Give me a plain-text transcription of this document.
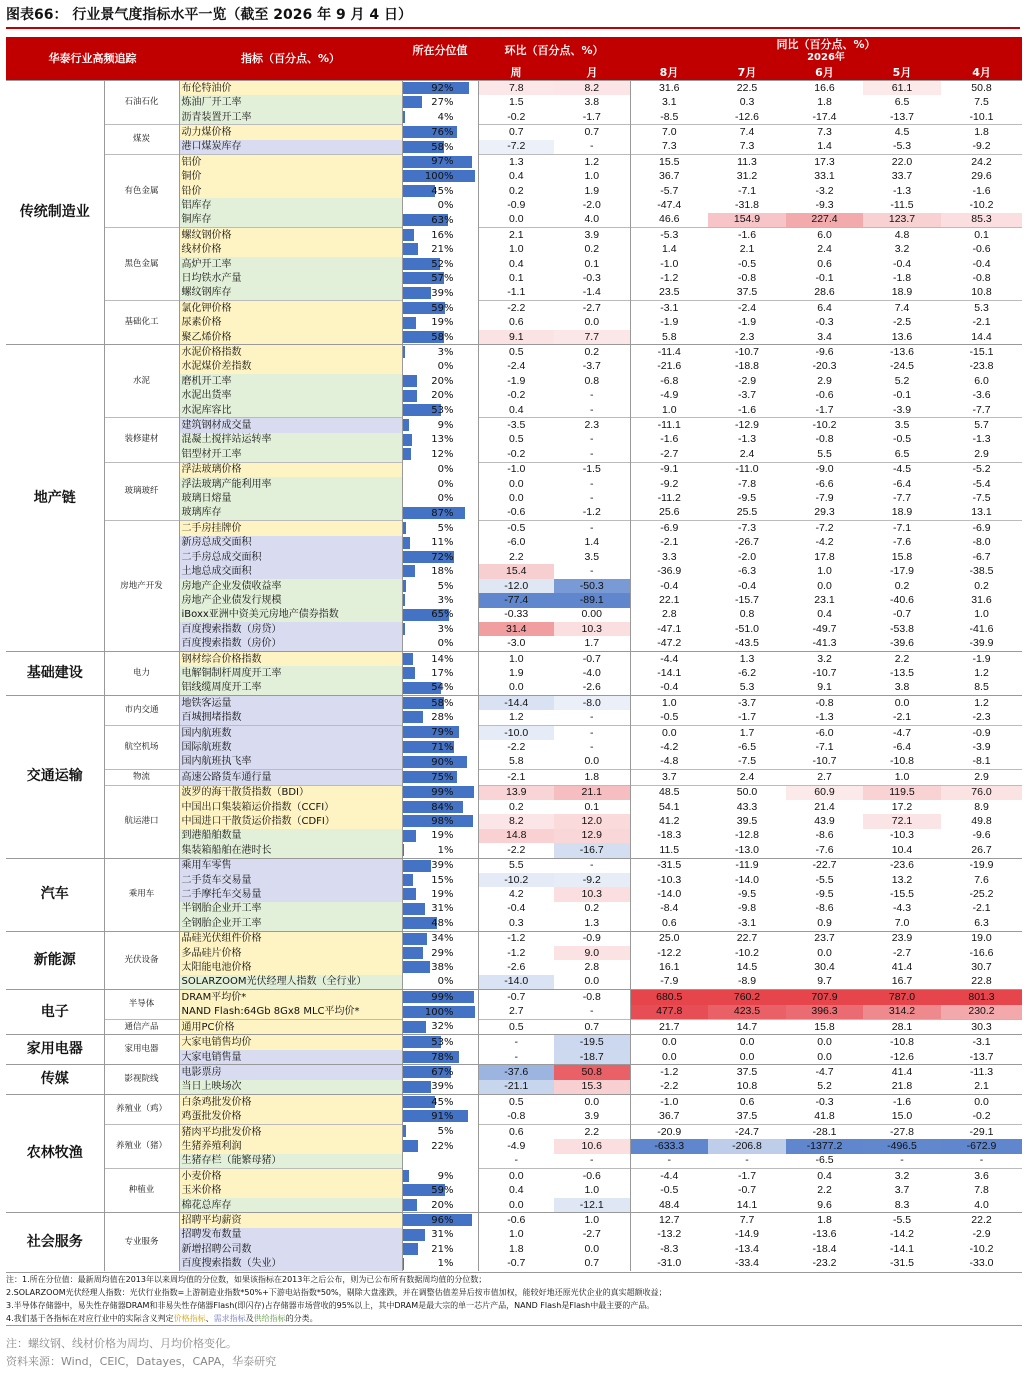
图表66： 行业景气度指标水平一览（截至 2026 年 9 月 4 日）
华泰行业高频追踪		指标（百分点、%）	所在分位值	环比（百分点、%）		同比（百分点、%）
2026年				

				周	月	8月	7月	6月	5月	4月
传统制造业	石油石化	布伦特油价	92%	7.8	8.2	31.6	22.5	16.6	61.1	50.8
		炼油厂开工率	27%	1.5	3.8	3.1	0.3	1.8	6.5	7.5
		沥青装置开工率	4%	-0.2	-1.7	-8.5	-12.6	-17.4	-13.7	-10.1
	煤炭	动力煤价格	76%	0.7	0.7	7.0	7.4	7.3	4.5	1.8
		港口煤炭库存	58%	-7.2	-	7.3	7.3	1.4	-5.3	-9.2
	有色金属	铝价	97%	1.3	1.2	15.5	11.3	17.3	22.0	24.2
		铜价	100%	0.4	1.0	36.7	31.2	33.1	33.7	29.6
		铅价	45%	0.2	1.9	-5.7	-7.1	-3.2	-1.3	-1.6
		铝库存	0%	-0.9	-2.0	-47.4	-31.8	-9.3	-11.5	-10.2
		铜库存	63%	0.0	4.0	46.6	154.9	227.4	123.7	85.3
	黑色金属	螺纹钢价格	16%	2.1	3.9	-5.3	-1.6	6.0	4.8	0.1
		线材价格	21%	1.0	0.2	1.4	2.1	2.4	3.2	-0.6
		高炉开工率	52%	0.4	0.1	-1.0	-0.5	0.6	-0.4	-0.4
		日均铁水产量	57%	0.1	-0.3	-1.2	-0.8	-0.1	-1.8	-0.8
		螺纹钢库存	39%	-1.1	-1.4	23.5	37.5	28.6	18.9	10.8
	基础化工	氯化钾价格	59%	-2.2	-2.7	-3.1	-2.4	6.4	7.4	5.3
		尿素价格	19%	0.6	0.0	-1.9	-1.9	-0.3	-2.5	-2.1
		聚乙烯价格	58%	9.1	7.7	5.8	2.3	3.4	13.6	14.4
地产链	水泥	水泥价格指数	3%	0.5	0.2	-11.4	-10.7	-9.6	-13.6	-15.1
		水泥煤价差指数	0%	-2.4	-3.7	-21.6	-18.8	-20.3	-24.5	-23.8
		磨机开工率	20%	-1.9	0.8	-6.8	-2.9	2.9	5.2	6.0
		水泥出货率	20%	-0.2	-	-4.9	-3.7	-0.6	-0.1	-3.6
		水泥库容比	53%	0.4	-	1.0	-1.6	-1.7	-3.9	-7.7
	装修建材	建筑钢材成交量	9%	-3.5	2.3	-11.1	-12.9	-10.2	3.5	5.7
		混凝土搅拌站运转率	13%	0.5	-	-1.6	-1.3	-0.8	-0.5	-1.3
		铝型材开工率	12%	-0.2	-	-2.7	2.4	5.5	6.5	2.9
	玻璃玻纤	浮法玻璃价格	0%	-1.0	-1.5	-9.1	-11.0	-9.0	-4.5	-5.2
		浮法玻璃产能利用率	0%	0.0	-	-9.2	-7.8	-6.6	-6.4	-5.4
		玻璃日熔量	0%	0.0	-	-11.2	-9.5	-7.9	-7.7	-7.5
		玻璃库存	87%	-0.6	-1.2	25.6	25.5	29.3	18.9	13.1
	房地产开发	二手房挂牌价	5%	-0.5	-	-6.9	-7.3	-7.2	-7.1	-6.9
		新房总成交面积	11%	-6.0	1.4	-2.1	-26.7	-4.2	-7.6	-8.0
		二手房总成交面积	72%	2.2	3.5	3.3	-2.0	17.8	15.8	-6.7
		土地总成交面积	18%	15.4	-	-36.9	-6.3	1.0	-17.9	-38.5
		房地产企业发债收益率	5%	-12.0	-50.3	-0.4	-0.4	0.0	0.2	0.2
		房地产企业债发行规模	3%	-77.4	-89.1	22.1	-15.7	23.1	-40.6	31.6
		iBoxx亚洲中资美元房地产债券指数	65%	-0.33	0.00	2.8	0.8	0.4	-0.7	1.0
		百度搜索指数（房贷）	3%	31.4	10.3	-47.1	-51.0	-49.7	-53.8	-41.6
		百度搜索指数（房价）	0%	-3.0	1.7	-47.2	-43.5	-41.3	-39.6	-39.9
基础建设	电力	钢材综合价格指数	14%	1.0	-0.7	-4.4	1.3	3.2	2.2	-1.9
		电解铜制杆周度开工率	17%	1.9	-4.0	-14.1	-6.2	-10.7	-13.5	1.2
		铝线缆周度开工率	54%	0.0	-2.6	-0.4	5.3	9.1	3.8	8.5
交通运输	市内交通	地铁客运量	58%	-14.4	-8.0	1.0	-3.7	-0.8	0.0	1.2
		百城拥堵指数	28%	1.2	-	-0.5	-1.7	-1.3	-2.1	-2.3
	航空机场	国内航班数	79%	-10.0	-	0.0	1.7	-6.0	-4.7	-0.9
		国际航班数	71%	-2.2	-	-4.2	-6.5	-7.1	-6.4	-3.9
		国内航班执飞率	90%	5.8	0.0	-4.8	-7.5	-10.7	-10.8	-8.1
	物流	高速公路货车通行量	75%	-2.1	1.8	3.7	2.4	2.7	1.0	2.9
	航运港口	波罗的海干散货指数（BDI）	99%	13.9	21.1	48.5	50.0	60.9	119.5	76.0
		中国出口集装箱运价指数（CCFI）	84%	0.2	0.1	54.1	43.3	21.4	17.2	8.9
		中国进口干散货运价指数（CDFI）	98%	8.2	12.0	41.2	39.5	43.9	72.1	49.8
		到港船舶数量	19%	14.8	12.9	-18.3	-12.8	-8.6	-10.3	-9.6
		集装箱船舶在港时长	1%	-2.2	-16.7	11.5	-13.0	-7.6	10.4	26.7
汽车	乘用车	乘用车零售	39%	5.5	-	-31.5	-11.9	-22.7	-23.6	-19.9
		二手货车交易量	15%	-10.2	-9.2	-10.3	-14.0	-5.5	13.2	7.6
		二手摩托车交易量	19%	4.2	10.3	-14.0	-9.5	-9.5	-15.5	-25.2
		半钢胎企业开工率	31%	-0.4	0.2	-8.4	-9.8	-8.6	-4.3	-2.1
		全钢胎企业开工率	48%	0.3	1.3	0.6	-3.1	0.9	7.0	6.3
新能源	光伏设备	晶硅光伏组件价格	34%	-1.2	-0.9	25.0	22.7	23.7	23.9	19.0
		多晶硅片价格	29%	-1.2	9.0	-12.2	-10.2	0.0	-2.7	-16.6
		太阳能电池价格	38%	-2.6	2.8	16.1	14.5	30.4	41.4	30.7
		SOLARZOOM光伏经理人指数（全行业）	0%	-14.0	0.0	-7.9	-8.9	9.7	16.7	22.8
电子	半导体	DRAM平均价*	99%	-0.7	-0.8	680.5	760.2	707.9	787.0	801.3
		NAND Flash:64Gb 8Gx8 MLC平均价*	100%	2.7	-	477.8	423.5	396.3	314.2	230.2
	通信产品	通用PC价格	32%	0.5	0.7	21.7	14.7	15.8	28.1	30.3
家用电器	家用电器	大家电销售均价	53%	-	-19.5	0.0	0.0	0.0	-10.8	-3.1
		大家电销售量	78%	-	-18.7	0.0	0.0	0.0	-12.6	-13.7
传媒	影视院线	电影票房	67%	-37.6	50.8	-1.2	37.5	-4.7	41.4	-11.3
		当日上映场次	39%	-21.1	15.3	-2.2	10.8	5.2	21.8	2.1
农林牧渔	养殖业（鸡）	白条鸡批发价格	45%	0.5	0.0	-1.0	0.6	-0.3	-1.6	0.0
		鸡蛋批发价格	91%	-0.8	3.9	36.7	37.5	41.8	15.0	-0.2
	养殖业（猪）	猪肉平均批发价格	5%	0.6	2.2	-20.9	-24.7	-28.1	-27.8	-29.1
		生猪养殖利润	22%	-4.9	10.6	-633.3	-206.8	-1377.2	-496.5	-672.9
		生猪存栏（能繁母猪）		-	-	-	-	-6.5	-	-
	种植业	小麦价格	9%	0.0	-0.6	-4.4	-1.7	0.4	3.2	3.6
		玉米价格	59%	0.4	1.0	-0.5	-0.7	2.2	3.7	7.8
		棉花总库存	20%	0.0	-12.1	48.4	14.1	9.6	8.3	4.0
社会服务	专业服务	招聘平均薪资	96%	-0.6	1.0	12.7	7.7	1.8	-5.5	22.2
		招聘发布数量	31%	1.0	-2.7	-13.2	-14.9	-13.6	-14.2	-2.9
		新增招聘公司数	21%	1.8	0.0	-8.3	-13.4	-18.4	-14.1	-10.2
		百度搜索指数（失业）	1%	-0.7	0.7	-31.0	-33.4	-23.2	-31.5	-33.0
注：1.所在分位值：最新周均值在2013年以来周均值的分位数，如果该指标在2013年之后公布，则为已公布所有数据周均值的分位数；
2.SOLARZOOM光伏经理人指数：光伏行业指数=上游制造业指数*50%+下游电站指数*50%，剔除大盘涨跌，并在调整估值差异后按市值加权，能较好地还原光伏企业的真实超额收益；
3.半导体存储器中，易失性存储器DRAM和非易失性存储器Flash(即闪存)占存储器市场营收的95%以上，其中DRAM是最大宗的单一芯片产品，NAND Flash是Flash中最主要的产品。
4.我们基于各指标在对应行业中的实际含义判定价格指标、需求指标及供给指标的分类。
注：螺纹钢、线材价格为周均、月均价格变化。
资料来源：Wind，CEIC，Datayes，CAPA，华泰研究
